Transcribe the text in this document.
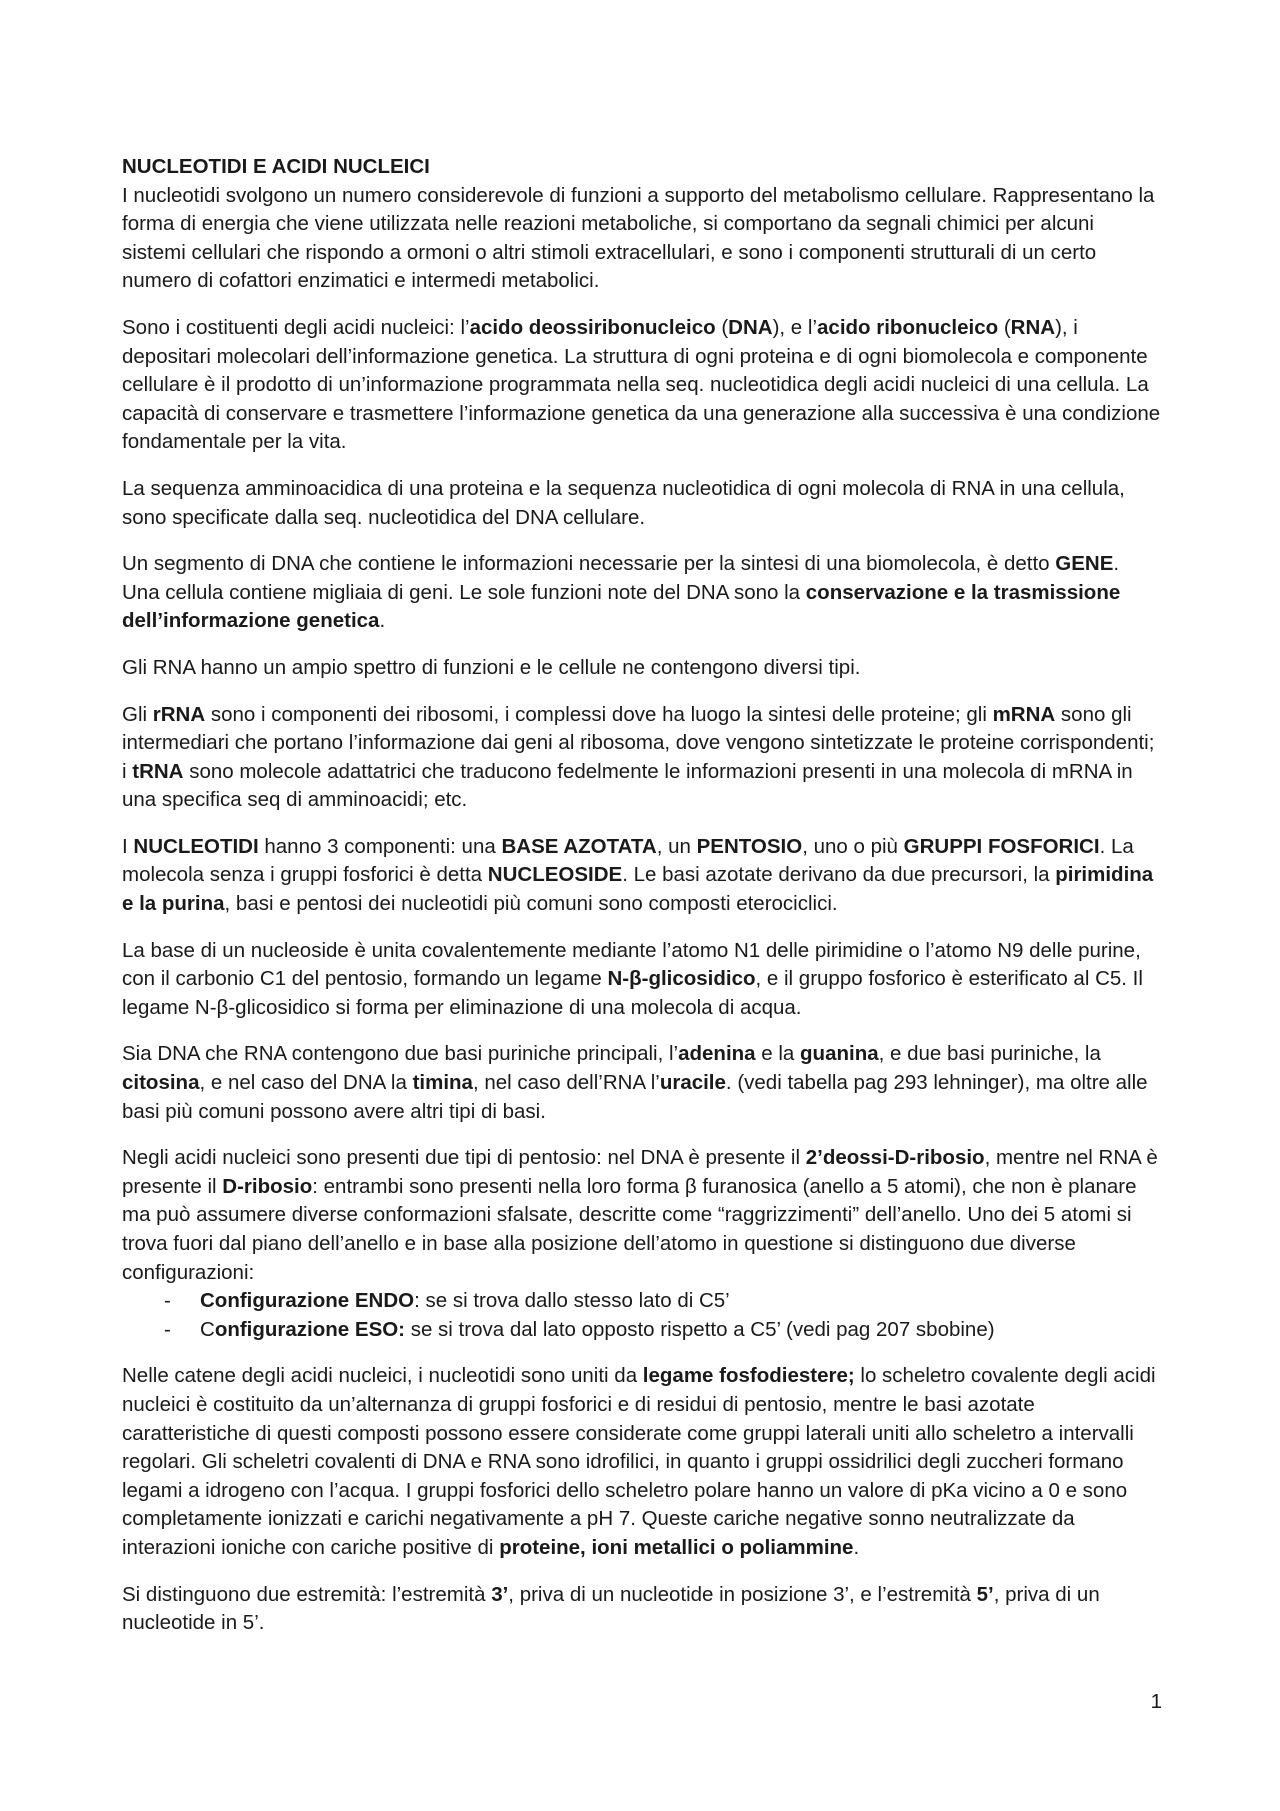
NUCLEOTIDI E ACIDI NUCLEICI

I nucleotidi svolgono un numero considerevole di funzioni a supporto del metabolismo cellulare. Rappresentano la forma di energia che viene utilizzata nelle reazioni metaboliche, si comportano da segnali chimici per alcuni sistemi cellulari che rispondo a ormoni o altri stimoli extracellulari, e sono i componenti strutturali di un certo numero di cofattori enzimatici e intermedi metabolici.

Sono i costituenti degli acidi nucleici: l’acido deossiribonucleico (DNA), e l’acido ribonucleico (RNA), i depositari molecolari dell’informazione genetica. La struttura di ogni proteina e di ogni biomolecola e componente cellulare è il prodotto di un’informazione programmata nella seq. nucleotidica degli acidi nucleici di una cellula. La capacità di conservare e trasmettere l’informazione genetica da una generazione alla successiva è una condizione fondamentale per la vita.

La sequenza amminoacidica di una proteina e la sequenza nucleotidica di ogni molecola di RNA in una cellula, sono specificate dalla seq. nucleotidica del DNA cellulare.

Un segmento di DNA che contiene le informazioni necessarie per la sintesi di una biomolecola, è detto GENE. Una cellula contiene migliaia di geni. Le sole funzioni note del DNA sono la conservazione e la trasmissione dell’informazione genetica.

Gli RNA hanno un ampio spettro di funzioni e le cellule ne contengono diversi tipi.

Gli rRNA sono i componenti dei ribosomi, i complessi dove ha luogo la sintesi delle proteine; gli mRNA sono gli intermediari che portano l’informazione dai geni al ribosoma, dove vengono sintetizzate le proteine corrispondenti; i tRNA sono molecole adattatrici che traducono fedelmente le informazioni presenti in una molecola di mRNA in una specifica seq di amminoacidi; etc.

I NUCLEOTIDI hanno 3 componenti: una BASE AZOTATA, un PENTOSIO, uno o più GRUPPI FOSFORICI. La molecola senza i gruppi fosforici è detta NUCLEOSIDE. Le basi azotate derivano da due precursori, la pirimidina e la purina, basi e pentosi dei nucleotidi più comuni sono composti eterociclici.

La base di un nucleoside è unita covalentemente mediante l’atomo N1 delle pirimidine o l’atomo N9 delle purine, con il carbonio C1 del pentosio, formando un legame N-β-glicosidico, e il gruppo fosforico è esterificato al C5. Il legame N-β-glicosidico si forma per eliminazione di una molecola di acqua.

Sia DNA che RNA contengono due basi puriniche principali, l’adenina e la guanina, e due basi puriniche, la citosina, e nel caso del DNA la timina, nel caso dell’RNA l’uracile. (vedi tabella pag 293 lehninger), ma oltre alle basi più comuni possono avere altri tipi di basi.

Negli acidi nucleici sono presenti due tipi di pentosio: nel DNA è presente il 2’deossi-D-ribosio, mentre nel RNA è presente il D-ribosio: entrambi sono presenti nella loro forma β furanosica (anello a 5 atomi), che non è planare ma può assumere diverse conformazioni sfalsate, descritte come “raggrizzimenti” dell’anello. Uno dei 5 atomi si trova fuori dal piano dell’anello e in base alla posizione dell’atomo in questione si distinguono due diverse configurazioni:

- Configurazione ENDO: se si trova dallo stesso lato di C5’
- Configurazione ESO: se si trova dal lato opposto rispetto a C5’ (vedi pag 207 sbobine)

Nelle catene degli acidi nucleici, i nucleotidi sono uniti da legame fosfodiestere; lo scheletro covalente degli acidi nucleici è costituito da un’alternanza di gruppi fosforici e di residui di pentosio, mentre le basi azotate caratteristiche di questi composti possono essere considerate come gruppi laterali uniti allo scheletro a intervalli regolari. Gli scheletri covalenti di DNA e RNA sono idrofilici, in quanto i gruppi ossidrilici degli zuccheri formano legami a idrogeno con l’acqua. I gruppi fosforici dello scheletro polare hanno un valore di pKa vicino a 0 e sono completamente ionizzati e carichi negativamente a pH 7. Queste cariche negative sonno neutralizzate da interazioni ioniche con cariche positive di proteine, ioni metallici o poliammine.

Si distinguono due estremità: l’estremità 3’, priva di un nucleotide in posizione 3’, e l’estremità 5’, priva di un nucleotide in 5’.

1
